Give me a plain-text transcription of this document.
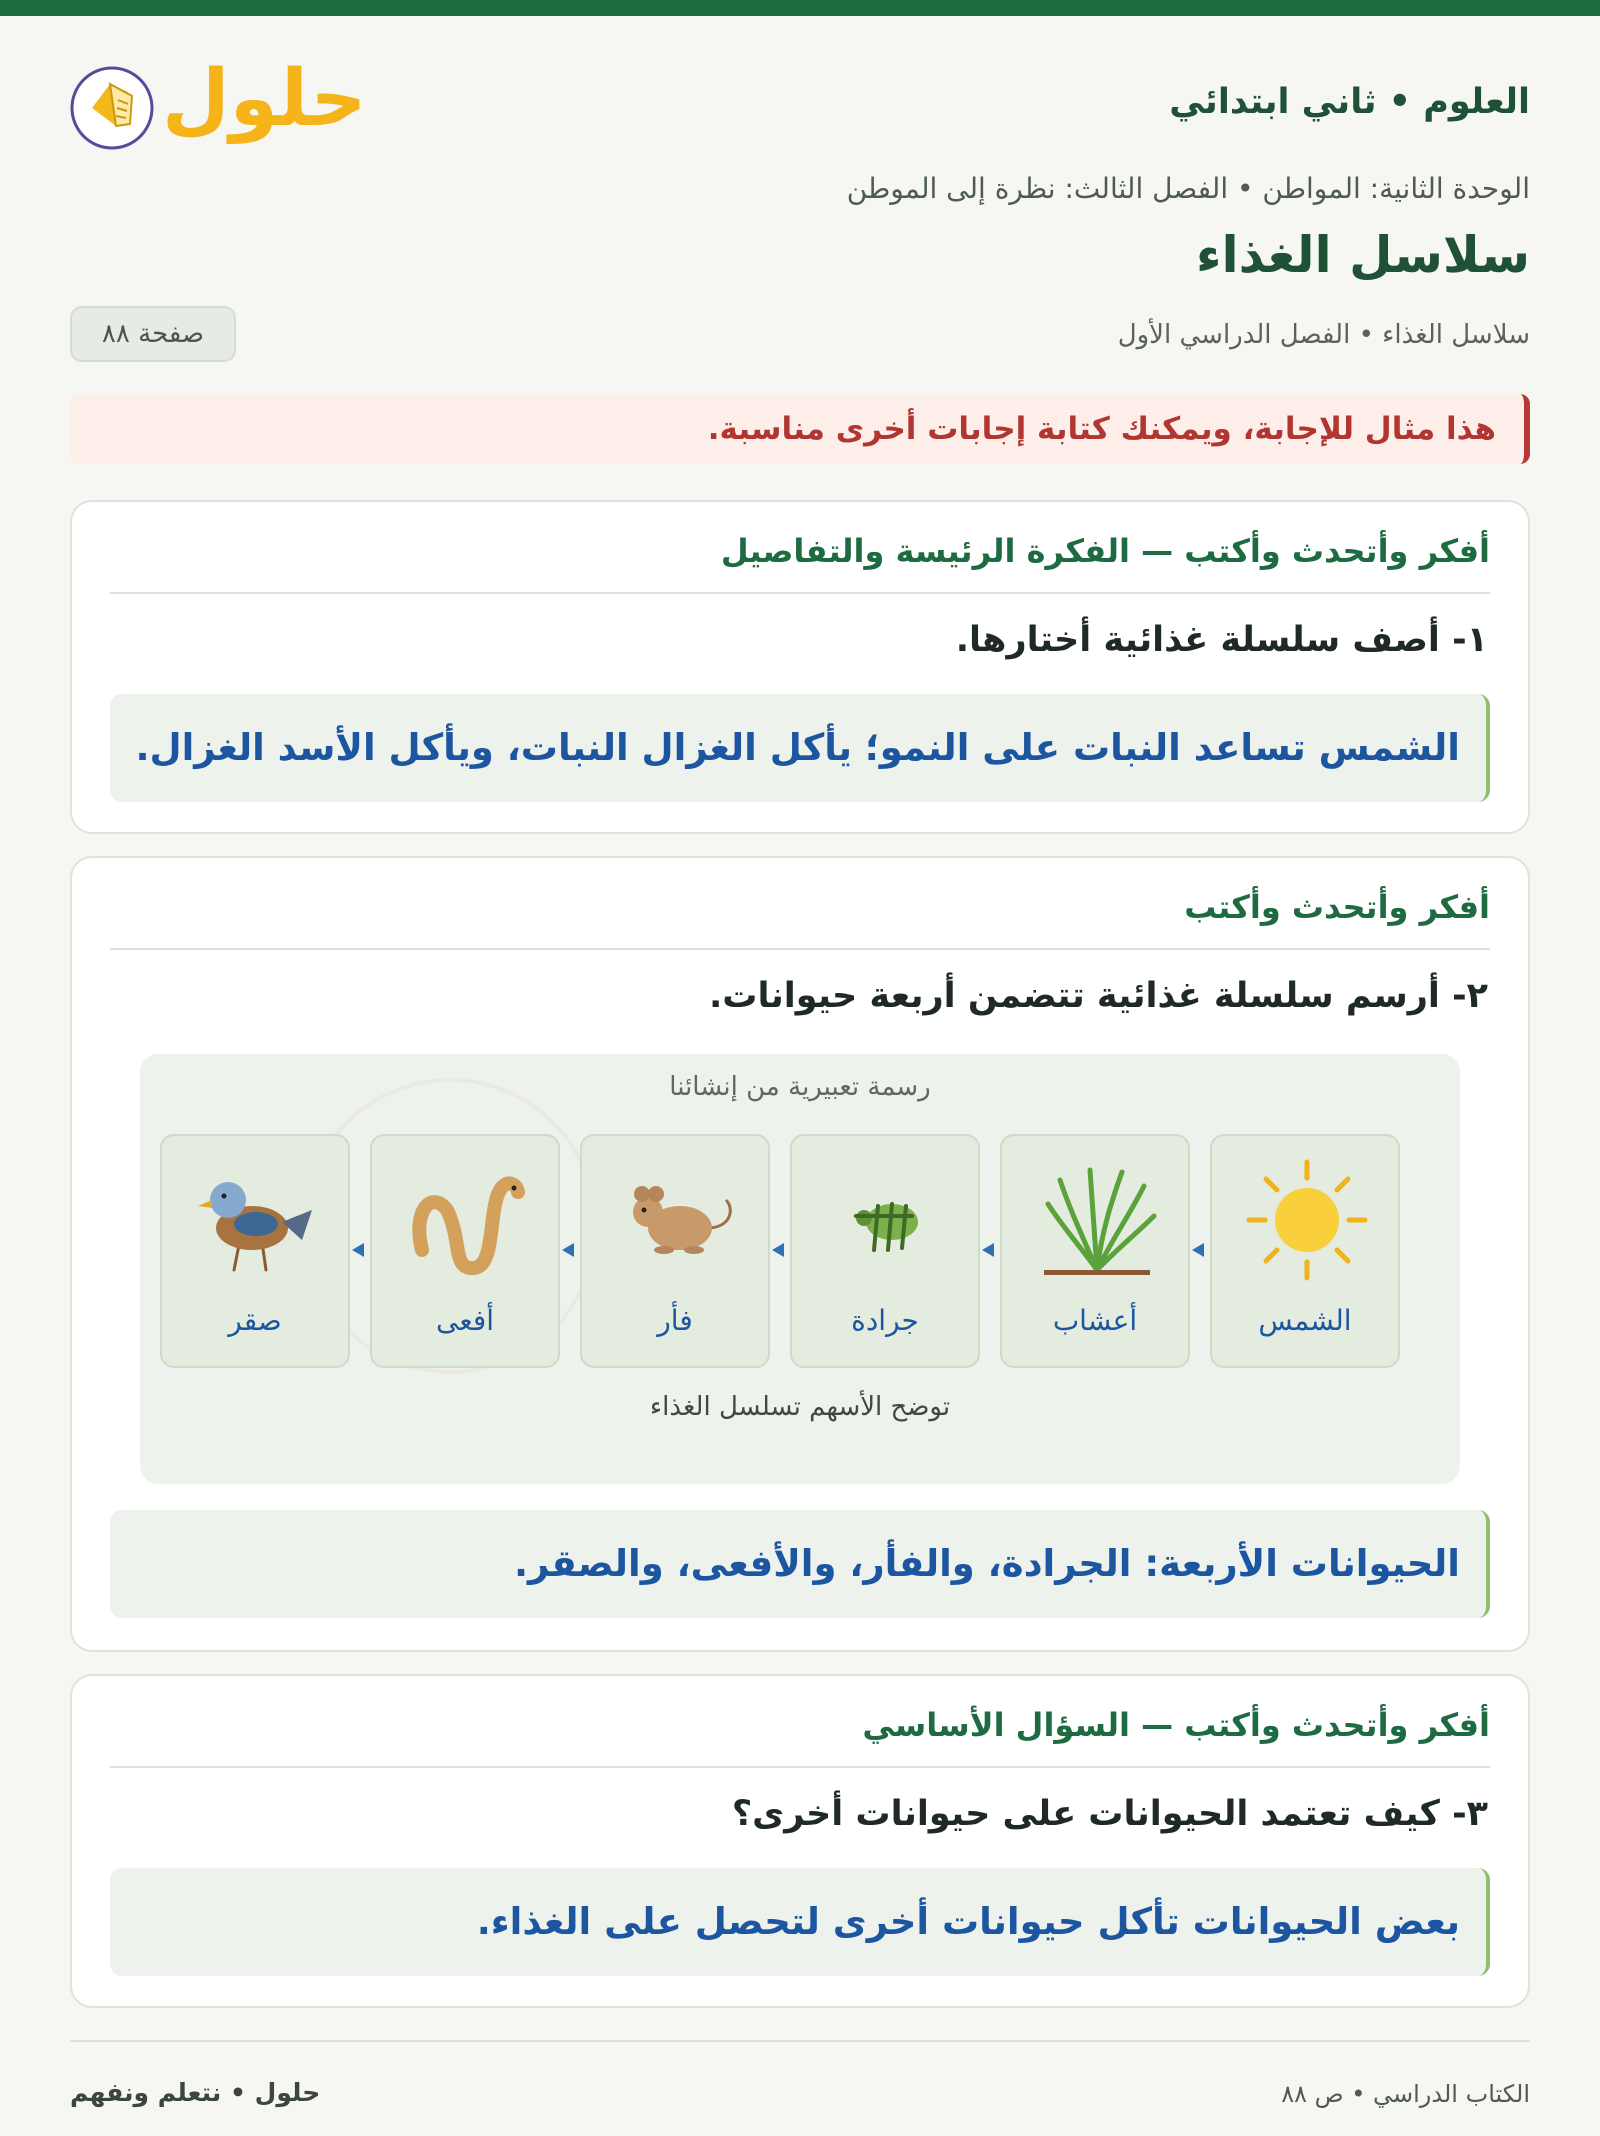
العلوم • ثاني ابتدائي
حلول
الوحدة الثانية: المواطن • الفصل الثالث: نظرة إلى الموطن
سلاسل الغذاء
سلاسل الغذاء • الفصل الدراسي الأول
صفحة ٨٨
هذا مثال للإجابة، ويمكنك كتابة إجابات أخرى مناسبة.
أفكر وأتحدث وأكتب — الفكرة الرئيسة والتفاصيل
١- أصف سلسلة غذائية أختارها.
الشمس تساعد النبات على النمو؛ يأكل الغزال النبات، ويأكل الأسد الغزال.
أفكر وأتحدث وأكتب
٢- أرسم سلسلة غذائية تتضمن أربعة حيوانات.
رسمة تعبيرية من إنشائنا
الشمس
أعشاب
جرادة
فأر
أفعى
صقر
توضح الأسهم تسلسل الغذاء
الحيوانات الأربعة: الجرادة، والفأر، والأفعى، والصقر.
أفكر وأتحدث وأكتب — السؤال الأساسي
٣- كيف تعتمد الحيوانات على حيوانات أخرى؟
بعض الحيوانات تأكل حيوانات أخرى لتحصل على الغذاء.
الكتاب الدراسي • ص ٨٨
حلول • نتعلم ونفهم
